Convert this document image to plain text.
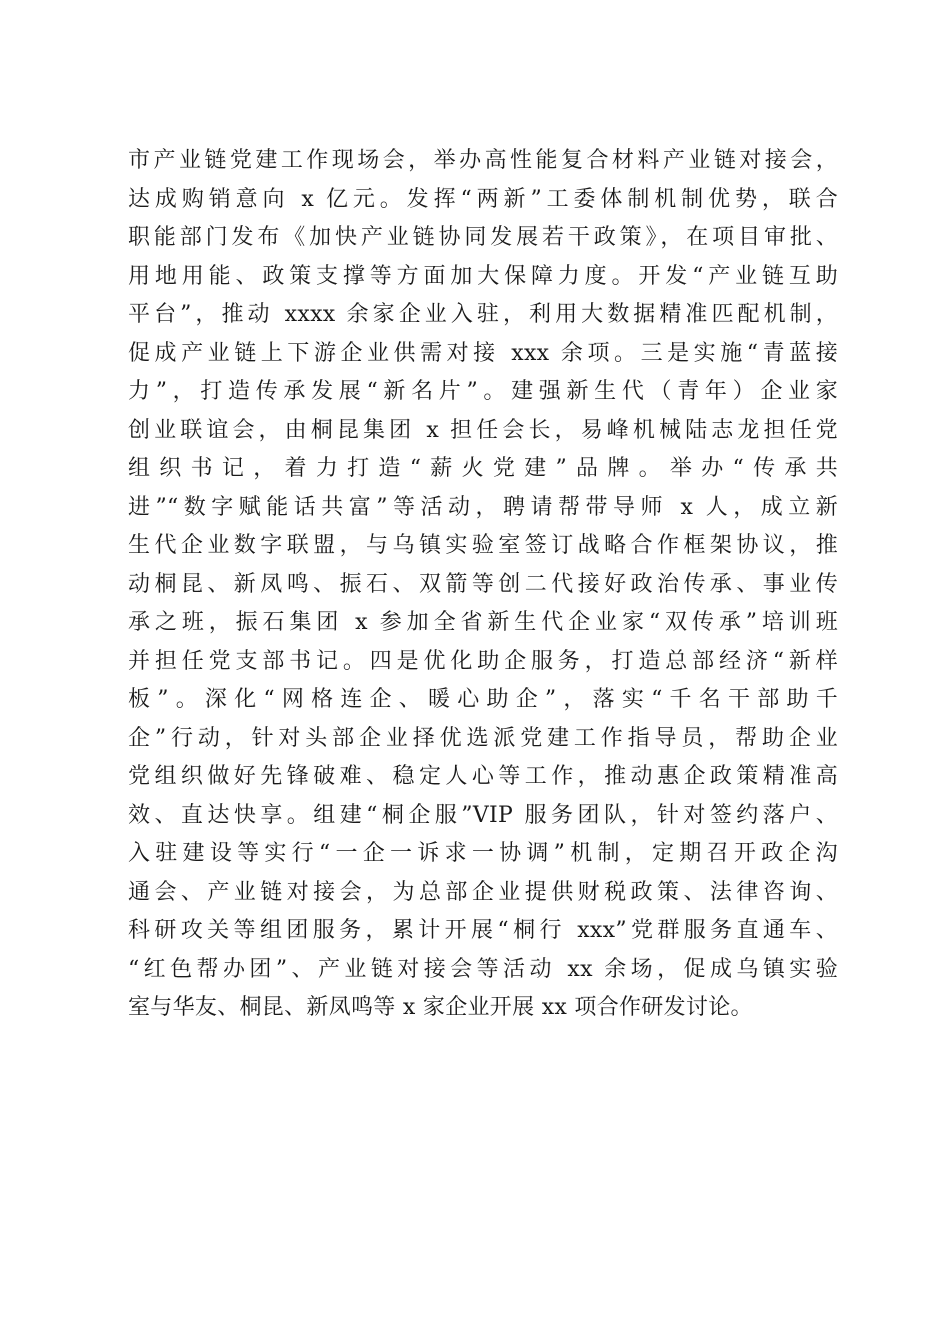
市产业链党建工作现场会，举办高性能复合材料产业链对接会，
达成购销意向 x 亿元。发挥“两新”工委体制机制优势，联合
职能部门发布《加快产业链协同发展若干政策》，在项目审批、
用地用能、政策支撑等方面加大保障力度。开发“产业链互助
平台”，推动 xxxx 余家企业入驻，利用大数据精准匹配机制，
促成产业链上下游企业供需对接 xxx 余项。三是实施“青蓝接
力”，打造传承发展“新名片”。建强新生代（青年）企业家
创业联谊会，由桐昆集团 x 担任会长，易峰机械陆志龙担任党
组织书记，着力打造“薪火党建”品牌。举办“传承共
进”“数字赋能话共富”等活动，聘请帮带导师 x 人，成立新
生代企业数字联盟，与乌镇实验室签订战略合作框架协议，推
动桐昆、新凤鸣、振石、双箭等创二代接好政治传承、事业传
承之班，振石集团 x 参加全省新生代企业家“双传承”培训班
并担任党支部书记。四是优化助企服务，打造总部经济“新样
板”。深化“网格连企、暖心助企”，落实“千名干部助千
企”行动，针对头部企业择优选派党建工作指导员，帮助企业
党组织做好先锋破难、稳定人心等工作，推动惠企政策精准高
效、直达快享。组建“桐企服”VIP 服务团队，针对签约落户、
入驻建设等实行“一企一诉求一协调”机制，定期召开政企沟
通会、产业链对接会，为总部企业提供财税政策、法律咨询、
科研攻关等组团服务，累计开展“桐行 xxx”党群服务直通车、
“红色帮办团”、产业链对接会等活动 xx 余场，促成乌镇实验
室与华友、桐昆、新凤鸣等 x 家企业开展 xx 项合作研发讨论。
